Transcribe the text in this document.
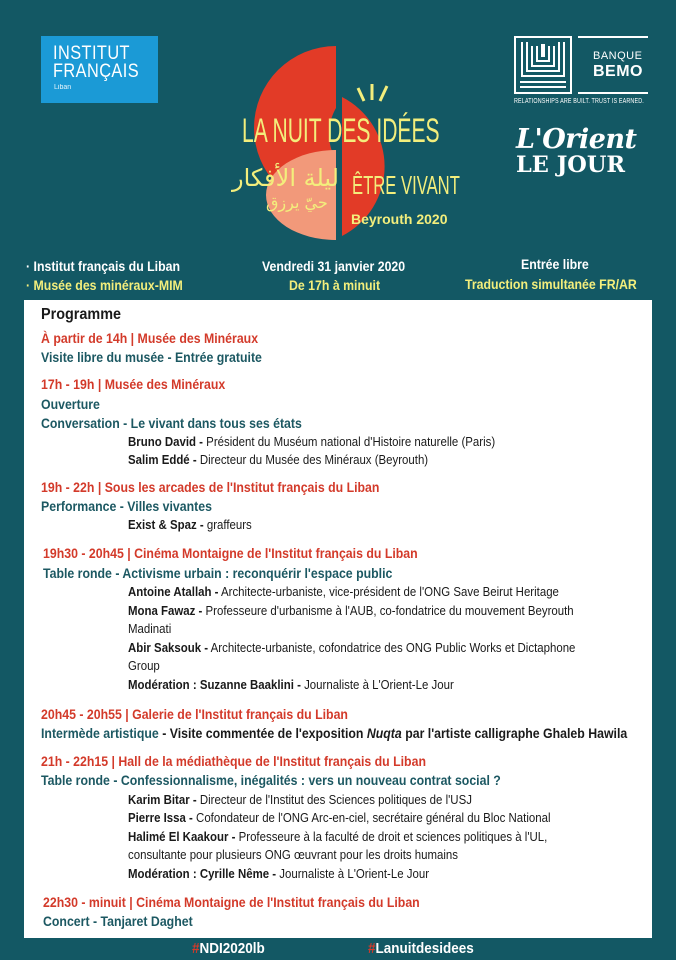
INSTITUT
FRANÇAIS
Liban
LA NUIT DES IDÉES
ليلة الأفكار
حيّ يرزق
ÊTRE VIVANT
Beyrouth 2020
BANQUE
BEMO
RELATIONSHIPS ARE BUILT. TRUST IS EARNED.
L'Orient
LE JOUR
· Institut français du Liban
· Musée des minéraux-MIM
Vendredi 31 janvier 2020
De 17h à minuit
Entrée libre
Traduction simultanée FR/AR
Programme
À partir de 14h | Musée des Minéraux
Visite libre du musée - Entrée gratuite
17h - 19h | Musée des Minéraux
Ouverture
Conversation - Le vivant dans tous ses états
Bruno David - Président du Muséum national d'Histoire naturelle (Paris)
Salim Eddé - Directeur du Musée des Minéraux (Beyrouth)
19h - 22h | Sous les arcades de l'Institut français du Liban
Performance - Villes vivantes
Exist & Spaz - graffeurs
19h30 - 20h45 | Cinéma Montaigne de l'Institut français du Liban
Table ronde - Activisme urbain : reconquérir l'espace public
Antoine Atallah - Architecte-urbaniste, vice-président de l'ONG Save Beirut Heritage
Mona Fawaz - Professeure d'urbanisme à l'AUB, co-fondatrice du mouvement Beyrouth
Madinati
Abir Saksouk - Architecte-urbaniste, cofondatrice des ONG Public Works et Dictaphone
Group
Modération : Suzanne Baaklini - Journaliste à L'Orient-Le Jour
20h45 - 20h55 | Galerie de l'Institut français du Liban
Intermède artistique - Visite commentée de l'exposition Nuqta par l'artiste calligraphe Ghaleb Hawila
21h - 22h15 | Hall de la médiathèque de l'Institut français du Liban
Table ronde - Confessionnalisme, inégalités : vers un nouveau contrat social ?
Karim Bitar - Directeur de l'Institut des Sciences politiques de l'USJ
Pierre Issa - Cofondateur de l'ONG Arc-en-ciel, secrétaire général du Bloc National
Halimé El Kaakour - Professeure à la faculté de droit et sciences politiques à l'UL,
consultante pour plusieurs ONG œuvrant pour les droits humains
Modération : Cyrille Nême - Journaliste à L'Orient-Le Jour
22h30 - minuit | Cinéma Montaigne de l'Institut français du Liban
Concert - Tanjaret Daghet
#NDI2020lb	#Lanuitdesidees
